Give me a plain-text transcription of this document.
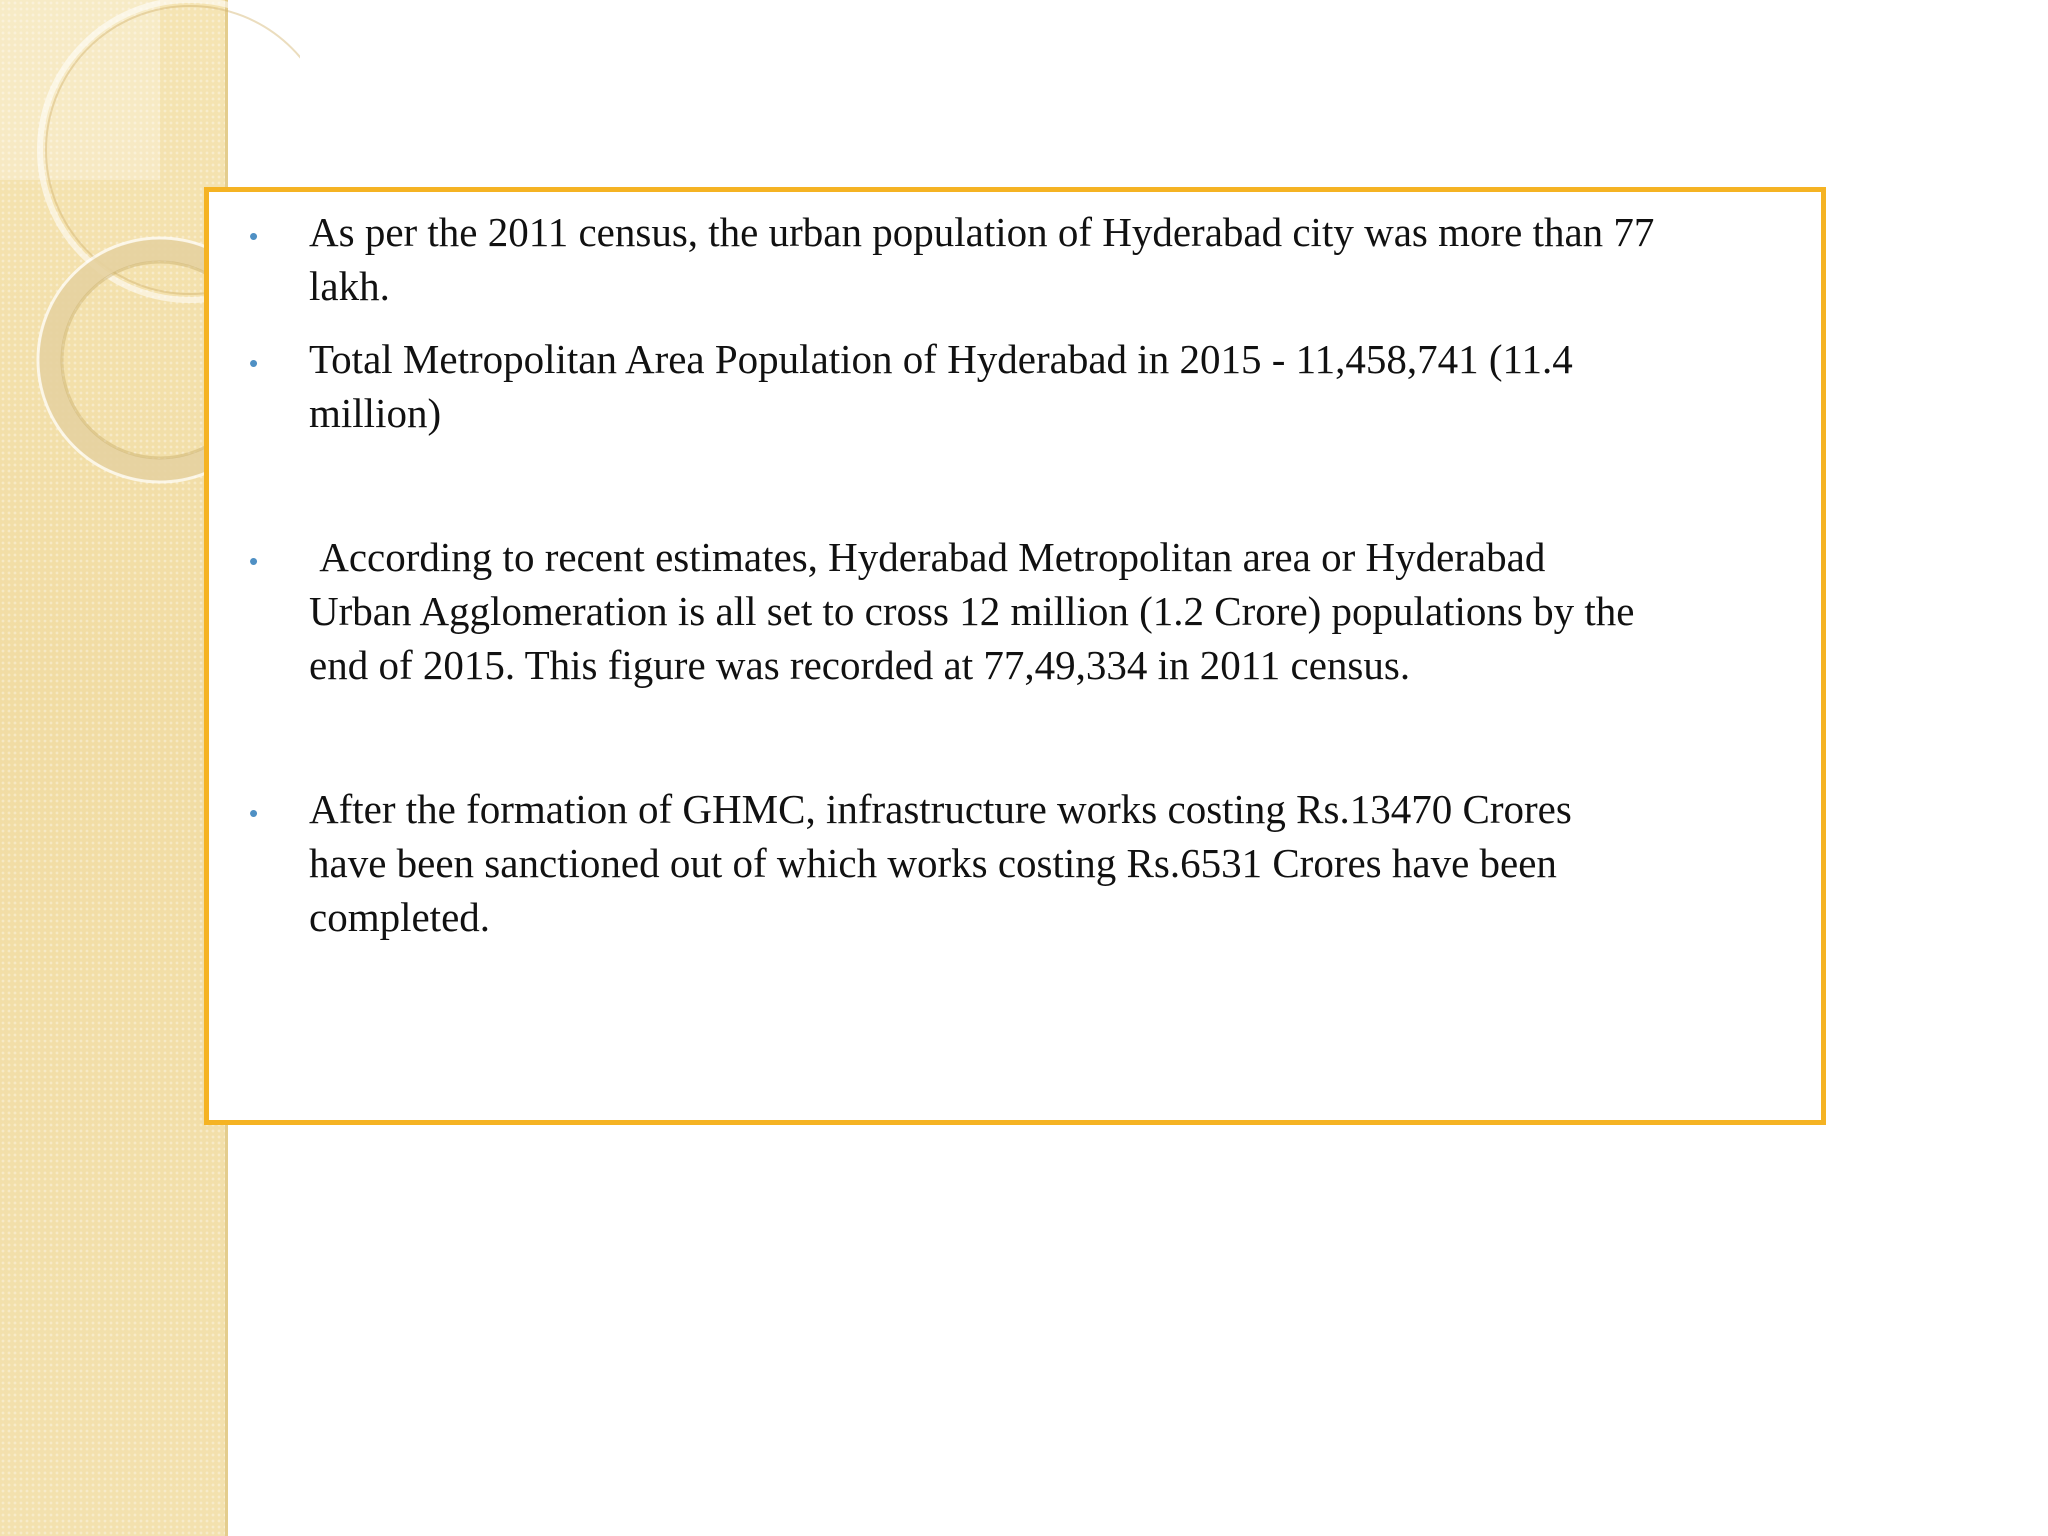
• As per the 2011 census, the urban population of Hyderabad city was more than 77
lakh.
• Total Metropolitan Area Population of Hyderabad in 2015 - 11,458,741 (11.4
million)
• According to recent estimates, Hyderabad Metropolitan area or Hyderabad
Urban Agglomeration is all set to cross 12 million (1.2 Crore) populations by the
end of 2015. This figure was recorded at 77,49,334 in 2011 census.
• After the formation of GHMC, infrastructure works costing Rs.13470 Crores
have been sanctioned out of which works costing Rs.6531 Crores have been
completed.
